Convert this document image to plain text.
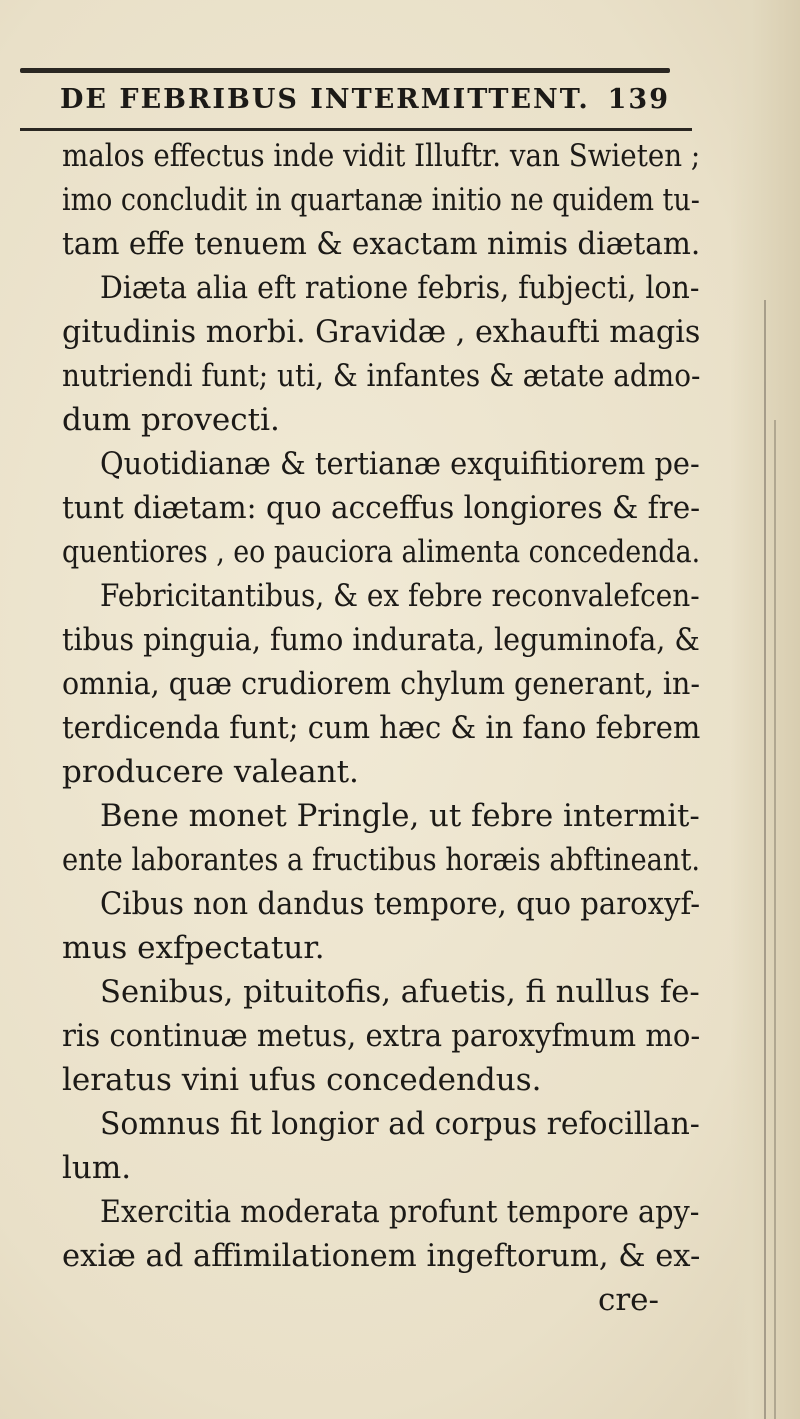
DE FEBRIBUS INTERMITTENT. 139
malos effectus inde vidit Illuftr. van Swieten ;
imo concludit in quartanæ initio ne quidem tu-
tam effe tenuem & exactam nimis diætam.
Diæta alia eft ratione febris, fubjecti, lon-
gitudinis morbi. Gravidæ , exhaufti magis
nutriendi funt; uti, & infantes & ætate admo-
dum provecti.
Quotidianæ & tertianæ exquifitiorem pe-
tunt diætam: quo acceffus longiores & fre-
quentiores , eo pauciora alimenta concedenda.
Febricitantibus, & ex febre reconvalefcen-
tibus pinguia, fumo indurata, leguminofa, &
omnia, quæ crudiorem chylum generant, in-
terdicenda funt; cum hæc & in fano febrem
producere valeant.
Bene monet Pringle, ut febre intermit-
ente laborantes a fructibus horæis abftineant.
Cibus non dandus tempore, quo paroxyf-
mus exfpectatur.
Senibus, pituitofis, afuetis, fi nullus fe-
ris continuæ metus, extra paroxyfmum mo-
leratus vini ufus concedendus.
Somnus fit longior ad corpus refocillan-
lum.
Exercitia moderata profunt tempore apy-
exiæ ad affimilationem ingeftorum, & ex-
cre-
